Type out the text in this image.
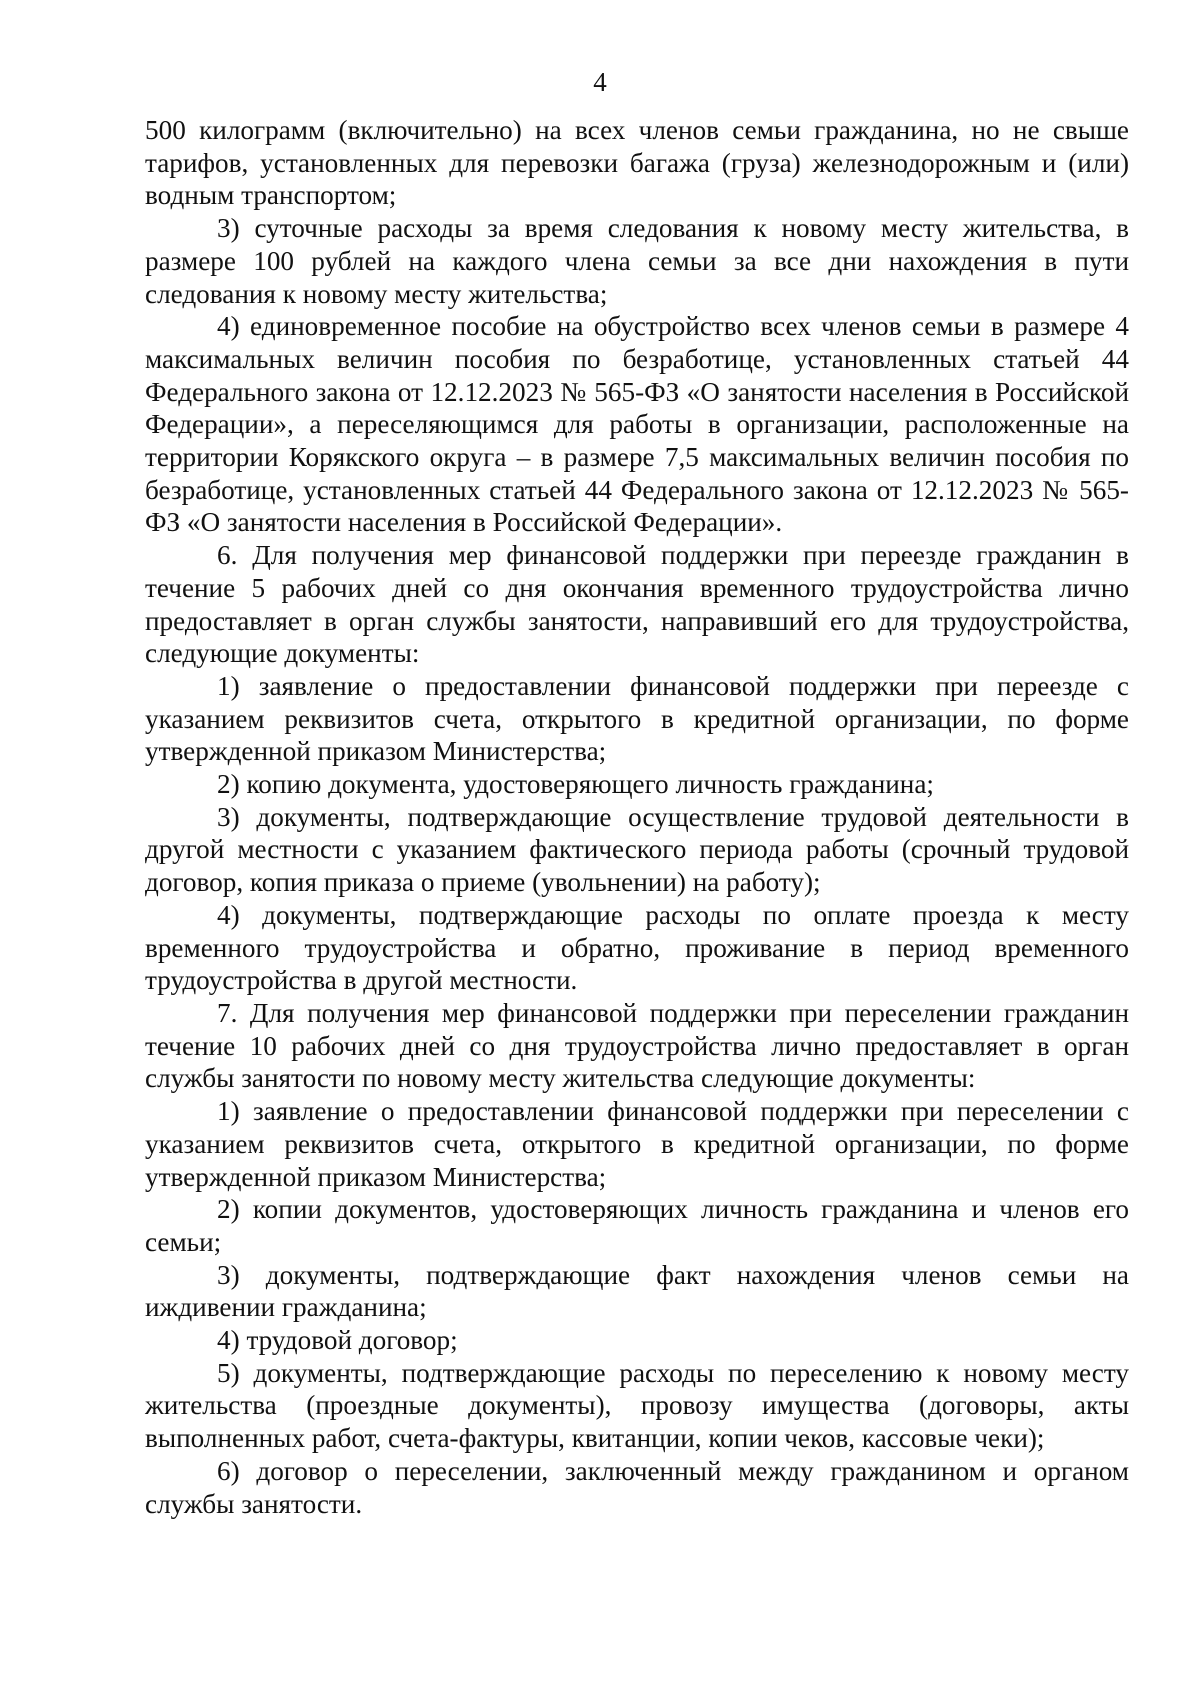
4

500 килограмм (включительно) на всех членов семьи гражданина, но не свыше тарифов, установленных для перевозки багажа (груза) железнодорожным и (или) водным транспортом;

3) суточные расходы за время следования к новому месту жительства, в размере 100 рублей на каждого члена семьи за все дни нахождения в пути следования к новому месту жительства;

4) единовременное пособие на обустройство всех членов семьи в размере 4 максимальных величин пособия по безработице, установленных статьей 44 Федерального закона от 12.12.2023 № 565-ФЗ «О занятости населения в Российской Федерации», а переселяющимся для работы в организации, расположенные на территории Корякского округа – в размере 7,5 максимальных величин пособия по безработице, установленных статьей 44 Федерального закона от 12.12.2023 № 565-ФЗ «О занятости населения в Российской Федерации».

6. Для получения мер финансовой поддержки при переезде гражданин в течение 5 рабочих дней со дня окончания временного трудоустройства лично предоставляет в орган службы занятости, направивший его для трудоустройства, следующие документы:

1) заявление о предоставлении финансовой поддержки при переезде с указанием реквизитов счета, открытого в кредитной организации, по форме утвержденной приказом Министерства;

2) копию документа, удостоверяющего личность гражданина;

3) документы, подтверждающие осуществление трудовой деятельности в другой местности с указанием фактического периода работы (срочный трудовой договор, копия приказа о приеме (увольнении) на работу);

4) документы, подтверждающие расходы по оплате проезда к месту временного трудоустройства и обратно, проживание в период временного трудоустройства в другой местности.

7. Для получения мер финансовой поддержки при переселении гражданин течение 10 рабочих дней со дня трудоустройства лично предоставляет в орган службы занятости по новому месту жительства следующие документы:

1) заявление о предоставлении финансовой поддержки при переселении с указанием реквизитов счета, открытого в кредитной организации, по форме утвержденной приказом Министерства;

2) копии документов, удостоверяющих личность гражданина и членов его семьи;

3) документы, подтверждающие факт нахождения членов семьи на иждивении гражданина;

4) трудовой договор;

5) документы, подтверждающие расходы по переселению к новому месту жительства (проездные документы), провозу имущества (договоры, акты выполненных работ, счета-фактуры, квитанции, копии чеков, кассовые чеки);

6) договор о переселении, заключенный между гражданином и органом службы занятости.
